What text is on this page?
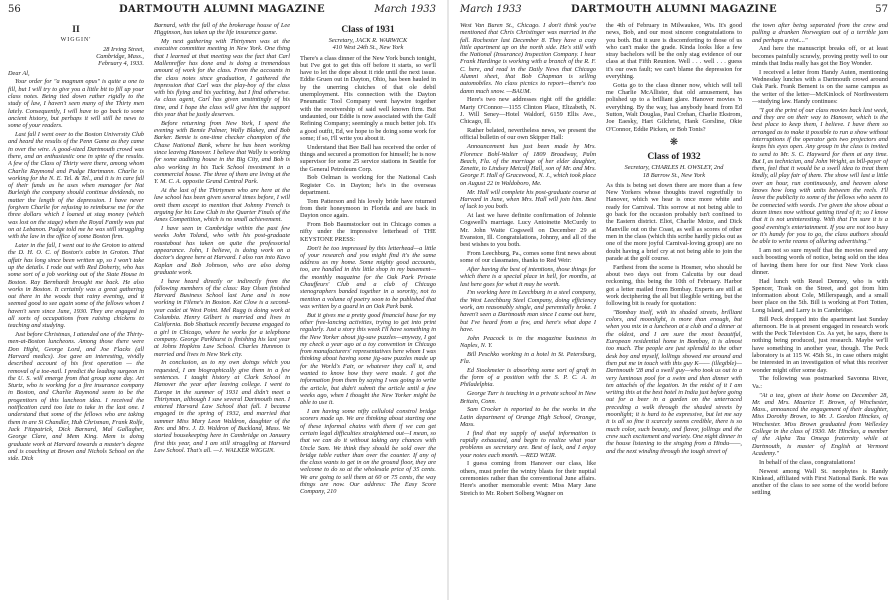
56	DARTMOUTH ALUMNI MAGAZINE	March 1933

II

WIGGIN'

28 Irving Street,

Cambridge, Mass.,

February 4, 1933.

Dear Al,

Your order for "a magnum opus" is quite a one to fill, but I will try to give you a little bit to fill up your class notes. Being tied down rather rigidly to the study of law, I haven't seen many of the Thirty men lately. Consequently, I will have to go back to some ancient history, but perhaps it will still be news to some of your readers.

Last fall I went over to the Boston University Club and heard the results of the Penn Game as they came in over the wire. A good-sized Dartmouth crowd was there, and an enthusiastic one in spite of the results. A few of the Class of Thirty were there, among whom Charlie Raymond and Pudge Hartmann. Charlie is working for the N. E. Tel. & Tel., and it is in care full of their funds as he uses when manager for Nat Burleigh the company should continue dividends, no matter the length of the depression. I have never forgiven Charlie for refusing to reimburse me for the three dollars which I loaned at stag money (which was lost on the stage) when the Royal Family was put on at Lebanon. Pudge told me he was still struggling with the law in the office of some Boston firm.

Later in the fall, I went out to the Groton to attend the D. H. O. C. of Boston's cabin in Groton. That affair has long since been written up, so I won't take up the details. I rode out with Red Doherty, who has some sort of a job working out of the State House in Boston. Ray Bernhardt brought me back. He also works in Boston. It certainly was a great gathering out there in the woods that rainy evening, and it seemed good to see again some of the fellows whom I haven't seen since June, 1930. They are engaged in all sorts of occupations from raising chickens to teaching and studying.

Just before Christmas, I attended one of the Thirty-men-at-Boston luncheons. Among those there were Don Hight, George Lord, and Joe Flacks (all Harvard medics). Joe gave an interesting, vividly described account of his first operation — the removal of a toe-nail. I predict the leading surgeon in the U. S. will emerge from that group some day. Art Sturtz, who is working for a fire insurance company in Boston, and Charlie Raymond seem to be the progenitors of this luncheon idea. I received the notification card too late to take in the last one. I understand that some of the fellows who are taking them in are Si Chandler, Hub Chrisman, Frank Rolfe, Jack Fitzpatrick, Dick Barnard, Mal Gallagher, George Clare, and Mem King. Mem is doing graduate work at Harvard towards a master's degree and is coaching at Brown and Nichols School on the side. Dick

Barnard, with the fall of the brokerage house of Lee Higginson, has taken up the life insurance game.

My next gathering with Thirtymen was at the executive committee meeting in New York. One thing that I learned at that meeting was the fact that Carl Mallenreffer has done and is doing a tremendous amount of work for the class. From the accounts in the class notes since graduation, I gathered the impression that Carl was the play-boy of the class with his flying and his yachting, but I find otherwise. As class agent, Carl has given unstintingly of his time, and I hope the class will give him the support this year that he justly deserves.

Before returning from New York, I spent the evening with Bemie Palmer, Wally Blakey, and Bob Barker. Bemie is one-time checker champion of the Chase National Bank, where he has been working since leaving Hanover. I believe that Wally is working for some auditing house in the Big City, and Bob is also working in his Tuck School investment in a commercial house. The three of them are living at the Y. M. C. A. opposite Grand Central Park.

At the last of the Thirtymen who are here at the law school has been given several times before, I will omit them except to mention that Johnny French is arguing for his Law Club in the Quarter Finals of the Ames Competition, which is no small achievement.

I have seen in Cambridge within the past few weeks John Toland, who with his post-graduate roustabout has taken on quite the professorial appearance. John, I believe, is doing work on a doctor's degree here at Harvard. I also ran into Kavo Kaplan and Bob Johnson, who are also doing graduate work.

I have heard directly or indirectly from the following members of the class: Ray Olsen finished Harvard Business School last June and is now working in Filene's in Boston. Ket Clow is a second-year cadet at West Point. Mel Rugg is doing work at Columbia. Henry Gilbert is married and lives in California. Bob Shattuck recently became engaged to a girl in Chicago, where he works for a telephone company. George Parkhurst is finishing his last year at Johns Hopkins Law School. Charles Hunmon is married and lives in New York city.

In conclusion, as to my own doings which you requested, I am biographically give them in a few sentences. I taught history at Clark School in Hanover the year after leaving college. I went to Europe in the summer of 1931 and didn't meet a Thirtyman, although I saw several Dartmouth men. I entered Harvard Law School that fall. I became engaged in the spring of 1932, and married that summer Miss Mary Leon Waldron, daughter of the Rev. and Mrs. J. D. Waldron of Buckland, Mass. We started housekeeping here in Cambridge on January first this year, and I am still struggling at Harvard Law School. That's all. —J. WALKER WIGGIN.

Class of 1931

Secretary, JACK R. WARWICK

410 West 24th St., New York

There's a class dinner of the New York bunch tonight, but I've got to get this off before it starts, so we'll have to let the dope about it ride until the next issue. Eddie Gruen out in Dayton, Ohio, has been hauled in by the unerring clutches of that ole debil unemployment. His connection with the Dayton Pneumatic Tool Company went haywire together with the receivership of said well known firm. But undaunted, our Eddie is now associated with the Gulf Refining Company; seemingly a much better job. It's a good outfit, Ed, we hope to be doing some work for some; if so, I'll write you about it.

Understand that Bee Ball has received the order of things and secured a promotion for himself; he is now supervisor for some 25 service stations in Seattle for the General Petroleum Corp.

Bob Oelman is working for the National Cash Register Co. in Dayton; he's in the overseas department.

Tom Patterson and his lovely bride have returned from their honeymoon in Florida and are back in Dayton once again.

From Bob Baumstocker out in Chicago comes a nifty under the impressive letterhead of THE KEYSTONE PRESS:

Don't be too impressed by this letterhead—a little of your research and you might find it's the same address as my home. Some mighty good accounts, too, are handled in this little shop in my basement—the monthly magazine for the Oak Park Private Chauffeurs' Club and a club of Chicago stenographers banded together in a sorority, not to mention a volume of poetry soon to be published that was written by a guard in an Oak Park bank.

But it gives me a pretty good financial base for my other free-lancing activities, trying to get into print regularly. Just a story this week I'll have something in the New Yorker about jig-saw puzzles—anyway, I got my check a year ago at a toy convention in Chicago from manufacturers' representatives here whom I was thinking about having some jig-saw puzzles made up for the World's Fair, or whatever they call it, and wanted to know how they were made. I got the information from them by saying I was going to write the article, but didn't submit the article until a few weeks ago, when I thought the New Yorker might be able to use it.

I am having some nifty celluloid constrol bridge scorers made up. We are thinking about starting one of these informal chains with them if we can get certain legal difficulties straightened out—I mean, so that we can do it without taking any chances with Uncle Sam. We think they should be sold over the bridge table rather than over the counter. If any of the class wants to get in on the ground floor, they are welcome to do so at the wholesale price of 35 cents. We are going to sell them at 60 or 75 cents, the way things are now. Our address: The Easy Score Company, 210

March 1933	DARTMOUTH ALUMNI MAGAZINE	57

West Van Buren St., Chicago. I don't think you've mentioned that Chris Christinger was married in the fall. Rochester last December 8. They have a cozy little apartment up on the north side. He's still with the National (Insurance) Inspection Company. I hear Frank Hardinge is working with a branch of the R. F. C. here, and read in the Daily News that Chicago Alumni sheet, that Bob Chapman is selling automobiles. No class picnics to report—there's too damn much snow. —BAUM.

Here's two new addresses right off the griddle: Marty O'Connor—1155 Clinton Place, Elizabeth, N. J. Will Seney—Hotel Waldorf, 6159 Ellis Ave., Chicago, Ill.

Rather belated, nevertheless news, we present the official bulletin of our own Skipper Hall:

Announcement has just been made by Mrs. Florence Bohl-Walter of 1809 Broadway, Palm Beach, Fla. of the marriage of her elder daughter, Zenette, to Lindsey Metcalf Hall, son of Mr. and Mrs. George F. Hall of Gracewood, N. J., which took place on August 22 in Waldoboro, Me.

Mr. Hall will complete his post-graduate course at Harvard in June, when Mrs. Hall will join him. Best of luck to you both.

At last we have definite confirmation of Johnnie Cogswell's marriage. Lucy Antoinette McCurdy to Mr. John Waite Cogswell on December 29 at Evanston, Ill. Congratulations, Johnny, and all of the best wishes to you both.

From Leechburg, Pa., comes some first news about some of our classmates, thanks to Red Weir:

After having the best of intentions, those things for which there is a special place in hell, for months, at last here goes for what it may be worth.

I'm working here in Leechburg in a steel company, the West Leechburg Steel Company, doing efficiency work, am reasonably single, and perennially broke. I haven't seen a Dartmouth man since I came out here, but I've heard from a few, and here's what dope I have.

John Peacock is in the magazine business in Naples, N. Y.

Bill Peschko working in a hotel in St. Petersburg, Fla.

Ed Stockmeier is absorbing some sort of graft in the form of a position with the S. P. C. A. in Philadelphia.

George Turr is teaching in a private school in New Britain, Conn.

Sam Crocker is reported to be the works in the Latin department of Orange High School, Orange, Mass.

I find that my supply of useful information is rapidly exhausted, and begin to realize what your problems as secretary are. Best of luck, and I enjoy your notes each month. —RED WEIR.

I guess coming from Hanover our class, like others, must prefer the wintry blasts for their nuptial ceremonies rather than the conventional June affairs. Here's another memorable event: Miss Mary Jane Streich to Mr. Robert Solberg Wagner on

the 4th of February in Milwaukee, Wis. It's good news, Bob, and our most sincere congratulations to you both. But it sure is discomforting to those of us who can't make the grade. Kinda looks like a few stray bachelors will be the only stag evidence of our class at that Fifth Reunion. Well . . . well . . . guess it's our own fault; we can't blame the depression for everything.

Gotta go to the class dinner now, which will tell me Charlie McAllister, that old amusement, has polished up to a brilliant glare. Hanover movies 'n everything. By the way, has anybody heard from Ed Sutton, Walt Douglas, Paul Crehan, Charlie Ekstrom, Joe Eaesky, Hart Gilchrist, Hank Gorsline, Okie O'Connor, Eddie Picken, or Bob Tonis?

❋

Class of 1932

Secretary, CHARLES H. OWSLEY, 2nd

18 Barrow St., New York

As this is being set down there are more than a few New Yorkers whose thoughts travel regretfully to Hanover, which we hear is once more white and ready for Carnival. This sorrow at not being able to go back for the occasion probably isn't confined to the Eastern district. Eliot, Charlie Moize, and Dick Manville out on the Coast, as well as scores of other men in the class (which this scribe hardly picks out as one of the more joyful Carnival-loving group) are no doubt having a brief cry at not being able to join the parade at the golf course.

Farthest from the scene is Hosmer, who should be about two days out from Calcutta by our dead reckoning, this being the 10th of February. Harbor got a letter mailed from Bombay. Experts are still at work deciphering the all but illegible writing, but the following bit is ready for quotation:

"Bombay itself, with its shaded streets, brilliant colors, and moonlight, is more than enough, but when you mix in a luncheon at a club and a dinner at the oldest, and I am sure the most beautiful, European residential home in Bombay, it is almost too much. The people are just splendid to the other desk boy and myself, lollings showed me around and then put me in touch with this guy K—— (illegible)—Dartmouth '28 and a swell guy—who took us out to a very luminous pool for a swim and then dinner with ten attachés of the legation. In the midst of it I am writing this at the best hotel in India just before going out for a beer in a garden on the unterraced preceding a walk through the shaded streets by moonlight; it is hard to be expressive, but let me say it is all so fine it scarcely seems credible, there is so much color, such beauty, and flavor, jollings and the crew such excitement and variety. One night dinner in the house listening to the singing from a Hindu——, and the next winding through the tough street of

the town after being separated from the crew and pulling a drunken Norwegian out of a terrible jam and perhaps a riot...."

And here the manuscript breaks off, or at least becomes painfully scrawly, proving pretty well to our minds that India really has got the Boy Wonder.

I received a letter from Handy Auten, mentioning Wednesday lunches with a Dartmouth crowd around Oak Park. Frank Bement is on the same campus as the writer of the letter—McKinlock of Northwestern—studying law. Handy continues:

"I got the print of our class movies back last week, and they are on their way to Hanover, which is the best place to keep them, I believe. I have them so arranged as to make it possible to run a show without interruptions if the operator gets two projectors and keeps his eyes open. Any group in the class is invited to send to Mr. S. C. Hayward for them at any time. But I, as technician, and John Wright, as bill-payer of them, feel that it would be a swell idea to treat them kindly, all play fair of them. The show will last a little over an hour, run continuously, and heaven alone knows how long with units between the reels. I'll leave the publicity to some of the fellows who seem to be connected with words. I've given the show about a dozen times now without getting tired of it; so I know that it is not uninteresting. With that I'm sure it is a good evening's entertainment. If you are not too busy or it's handy for you to go, the class authors should be able to write reams of alluring advertising."

I am not so sure myself that the movies need any such boosting words of notice, being sold on the idea of having them here for our first New York class dinner.

Had lunch with Reuel Denney, who is with Spencer, Trask on the Street, and got from him information about Cole, Millerspaugh, and a small beer place on the 5th. Bill is working at Fort Totten, Long Island, and Larry is in Cambridge.

Bill Peck dropped into the apartment last Sunday afternoon. He is at present engaged in research work with the Peck Television Co. As yet, he says, there is nothing being produced, just research. Maybe we'll have something in another year, though. The Peck laboratory is at 115 W. 45th St., in case others might be interested in an investigation of what this receiver wonder might offer some day.

The following was postmarked Savonna River, Va.:

"At a tea, given at their home on December 28, Mr. and Mrs. Maurice F. Brown, of Winchester, Mass., announced the engagement of their daughter, Miss Dorothy Brown, to Mr. J. Gordon Hinckes, of Winchester. Miss Brown graduated from Wellesley College in the class of 1930. Mr. Hinckes, a member of the Alpha Tau Omega fraternity while at Dartmouth, is master of English at Vermont Academy."

In behalf of the class, congratulations!

Newest among Wall St. neophytes is Randy Kinkead, affiliated with First National Bank. He was another of the class to see some of the world before settling
